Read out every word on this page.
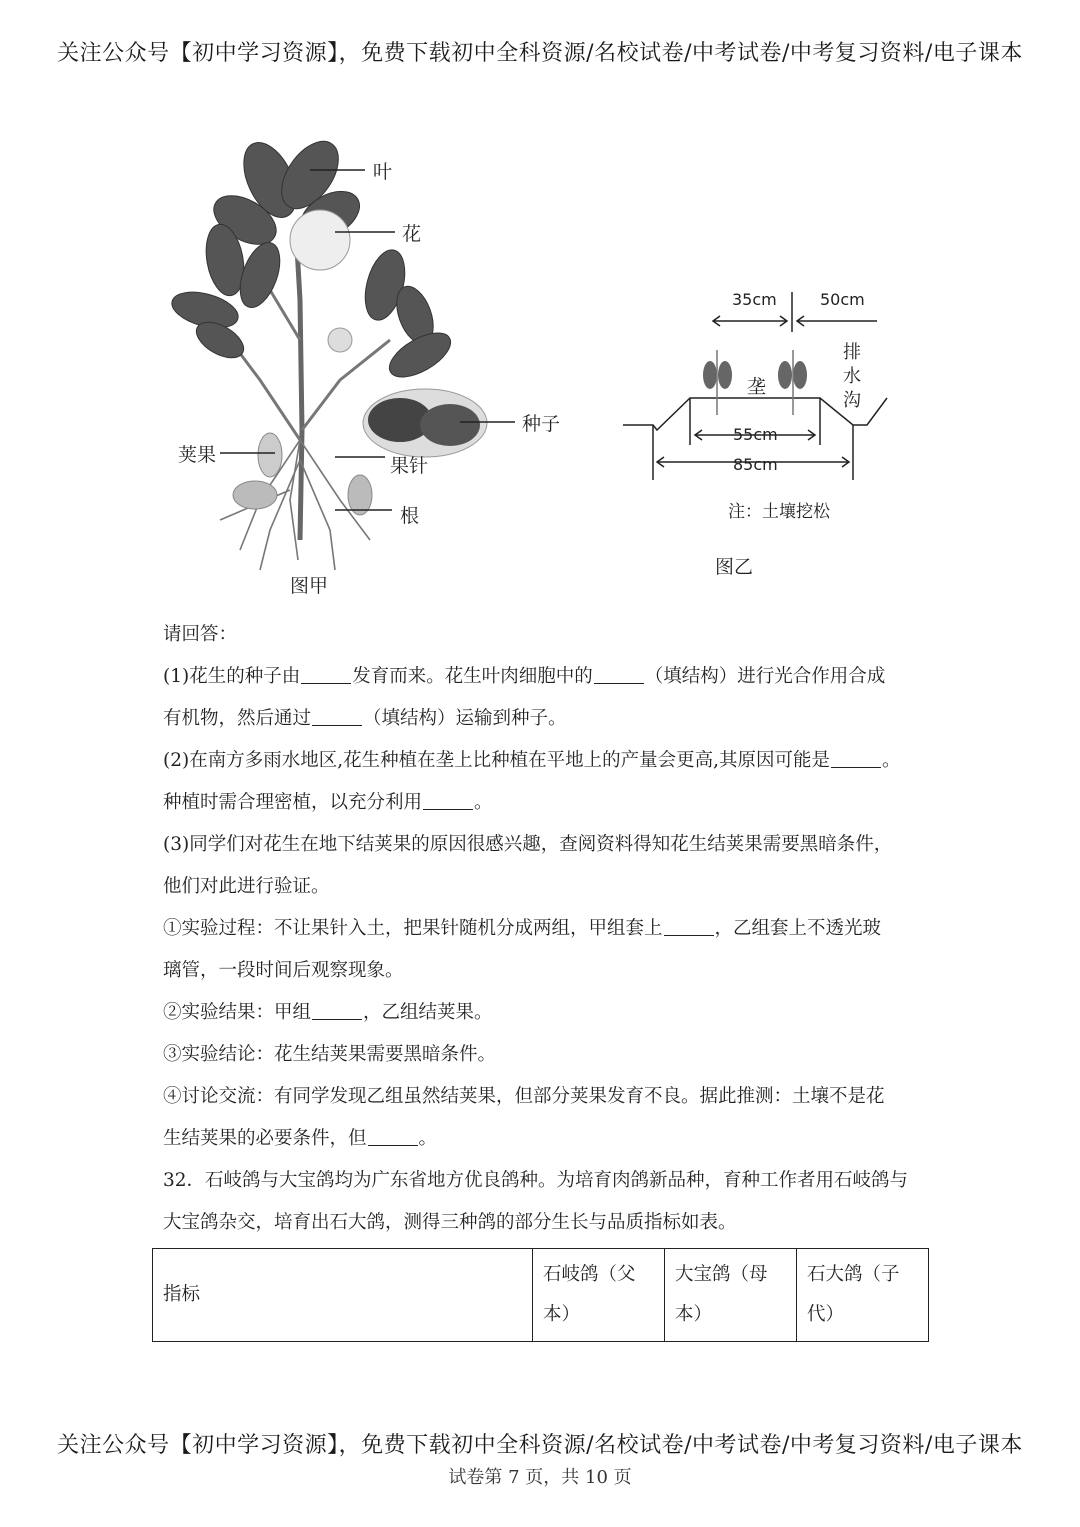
关注公众号【初中学习资源】，免费下载初中全科资源/名校试卷/中考试卷/中考复习资料/电子课本
叶
花
种子
荚果	果针
根
图甲
35cm	50cm
垄
排
水
沟
55cm
85cm
注：土壤挖松
图乙
请回答：
(1)花生的种子由	发育而来。花生叶肉细胞中的	（填结构）进行光合作用合成
有机物，然后通过	（填结构）运输到种子。
(2)在南方多雨水地区,花生种植在垄上比种植在平地上的产量会更高,其原因可能是	。
种植时需合理密植，以充分利用	。
(3)同学们对花生在地下结荚果的原因很感兴趣，查阅资料得知花生结荚果需要黑暗条件，
他们对此进行验证。
①实验过程：不让果针入土，把果针随机分成两组，甲组套上	，乙组套上不透光玻
璃管，一段时间后观察现象。
②实验结果：甲组	，乙组结荚果。
③实验结论：花生结荚果需要黑暗条件。
④讨论交流：有同学发现乙组虽然结荚果，但部分荚果发育不良。据此推测：土壤不是花
生结荚果的必要条件，但	。
32．石岐鸽与大宝鸽均为广东省地方优良鸽种。为培育肉鸽新品种，育种工作者用石岐鸽与
大宝鸽杂交，培育出石大鸽，测得三种鸽的部分生长与品质指标如表。
指标	石岐鸽（父
本）	大宝鸽（母
本）	石大鸽（子
代）
关注公众号【初中学习资源】，免费下载初中全科资源/名校试卷/中考试卷/中考复习资料/电子课本
试卷第 7 页，共 10 页
